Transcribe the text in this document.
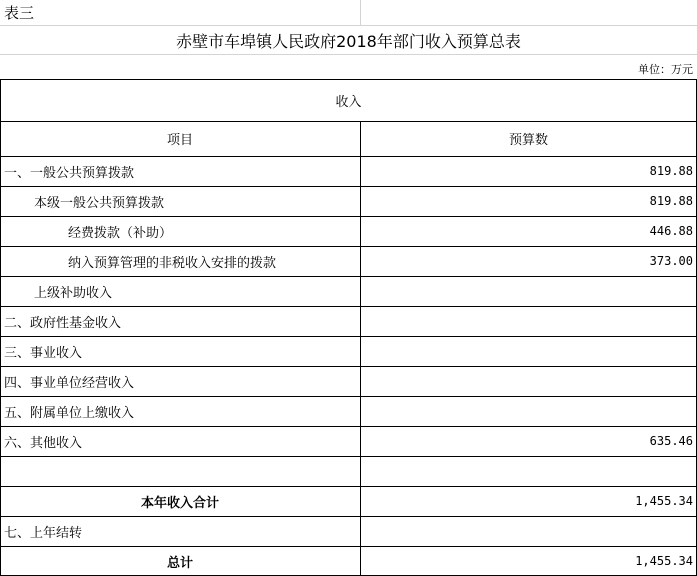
表三
赤壁市车埠镇人民政府2018年部门收入预算总表
单位：万元
收入
项目	预算数
一、一般公共预算拨款	819.88
本级一般公共预算拨款	819.88
经费拨款（补助）	446.88
纳入预算管理的非税收入安排的拨款	373.00
上级补助收入
二、政府性基金收入
三、事业收入
四、事业单位经营收入
五、附属单位上缴收入
六、其他收入	635.46
本年收入合计	1,455.34
七、上年结转
总计	1,455.34
